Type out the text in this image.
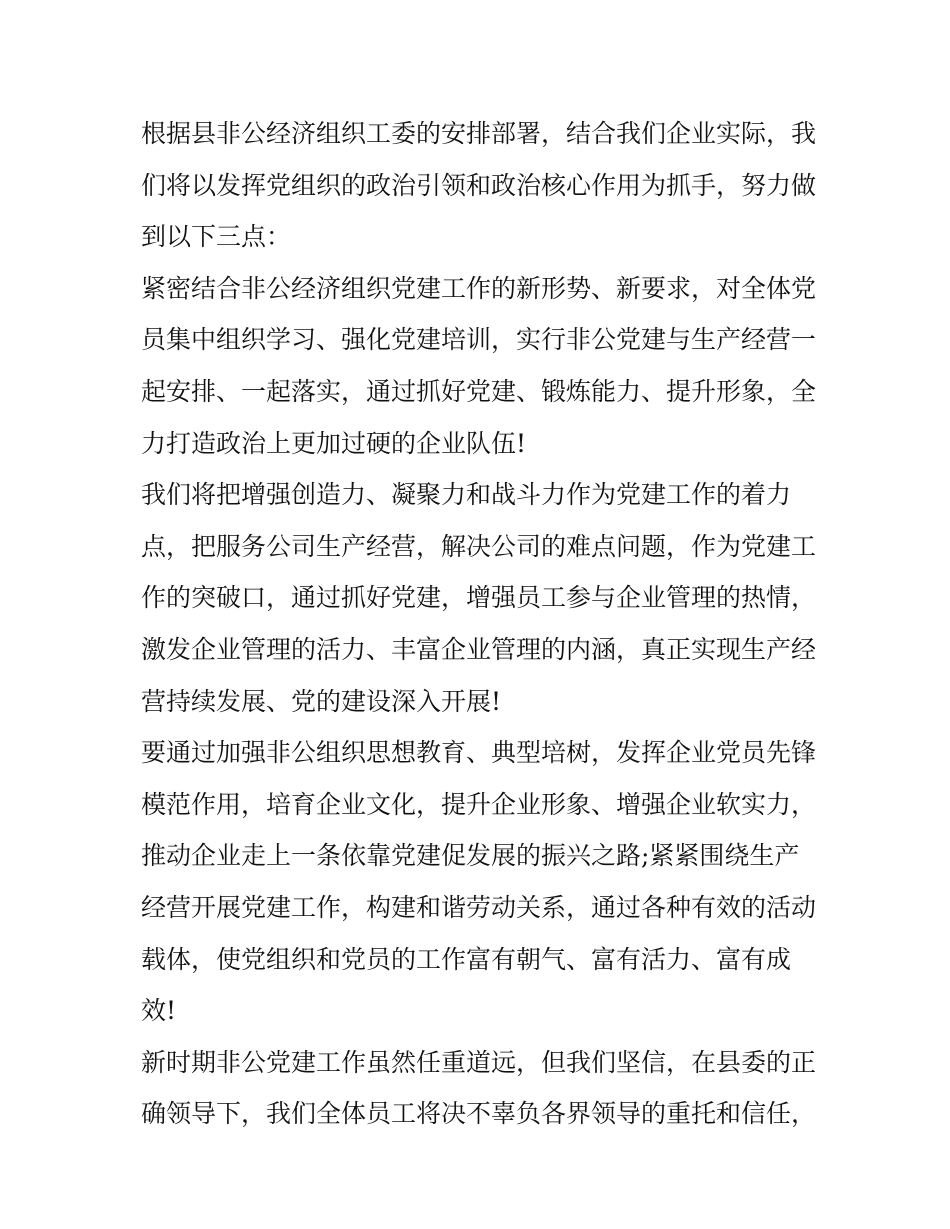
根据县非公经济组织工委的安排部署，结合我们企业实际，我
们将以发挥党组织的政治引领和政治核心作用为抓手，努力做
到以下三点：
紧密结合非公经济组织党建工作的新形势、新要求，对全体党
员集中组织学习、强化党建培训，实行非公党建与生产经营一
起安排、一起落实，通过抓好党建、锻炼能力、提升形象，全
力打造政治上更加过硬的企业队伍!
我们将把增强创造力、凝聚力和战斗力作为党建工作的着力
点，把服务公司生产经营，解决公司的难点问题，作为党建工
作的突破口，通过抓好党建，增强员工参与企业管理的热情，
激发企业管理的活力、丰富企业管理的内涵，真正实现生产经
营持续发展、党的建设深入开展!
要通过加强非公组织思想教育、典型培树，发挥企业党员先锋
模范作用，培育企业文化，提升企业形象、增强企业软实力，
推动企业走上一条依靠党建促发展的振兴之路;紧紧围绕生产
经营开展党建工作，构建和谐劳动关系，通过各种有效的活动
载体，使党组织和党员的工作富有朝气、富有活力、富有成
效!
新时期非公党建工作虽然任重道远，但我们坚信，在县委的正
确领导下，我们全体员工将决不辜负各界领导的重托和信任，
